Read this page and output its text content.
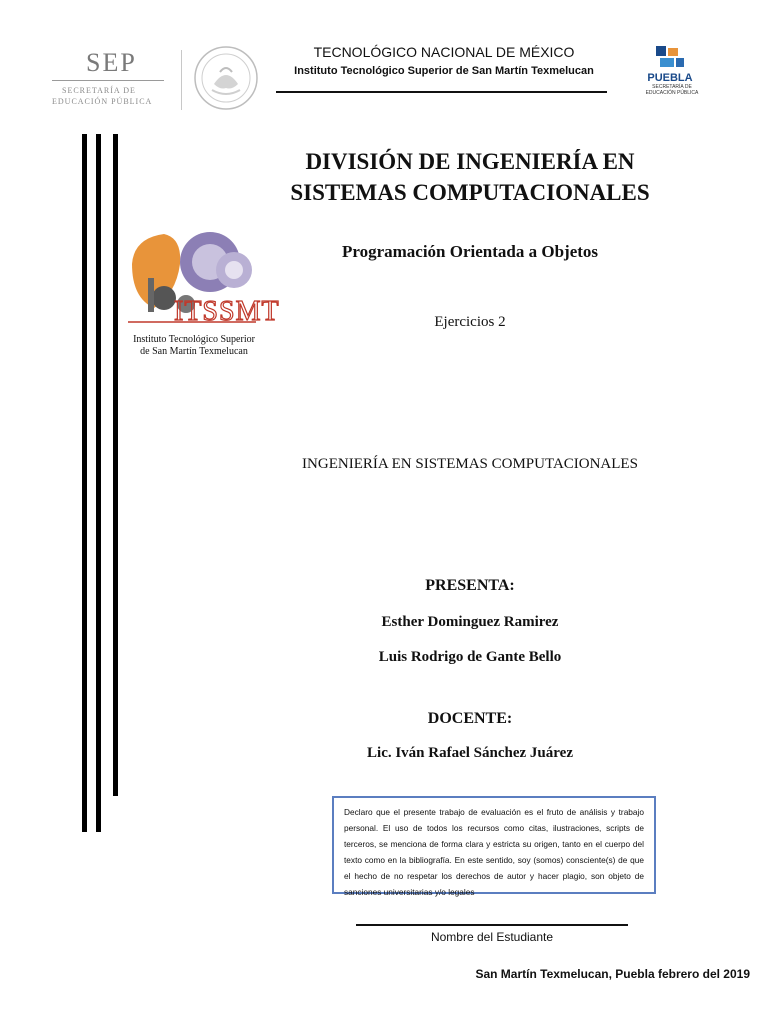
SEP
SECRETARÍA DE
EDUCACIÓN PÚBLICA
TECNOLÓGICO NACIONAL DE MÉXICO
Instituto Tecnológico Superior de San Martín Texmelucan
PUEBLA
SECRETARÍA DE
EDUCACIÓN PÚBLICA
ITSSMT
Instituto Tecnológico Superior
de San Martín Texmelucan
DIVISIÓN DE INGENIERÍA EN
SISTEMAS COMPUTACIONALES
Programación Orientada a Objetos
Ejercicios 2
INGENIERÍA EN SISTEMAS COMPUTACIONALES
PRESENTA:
Esther Dominguez Ramirez
Luis Rodrigo de Gante Bello
DOCENTE:
Lic. Iván Rafael Sánchez Juárez
Declaro que el presente trabajo de evaluación es el fruto de análisis y trabajo personal. El uso de todos los recursos como citas, ilustraciones, scripts de terceros, se menciona de forma clara y estricta su origen, tanto en el cuerpo del texto como en la bibliografía. En este sentido, soy (somos) consciente(s) de que el hecho de no respetar los derechos de autor y hacer plagio, son objeto de sanciones universitarias y/o legales
Nombre del Estudiante
San Martín Texmelucan, Puebla febrero del 2019
